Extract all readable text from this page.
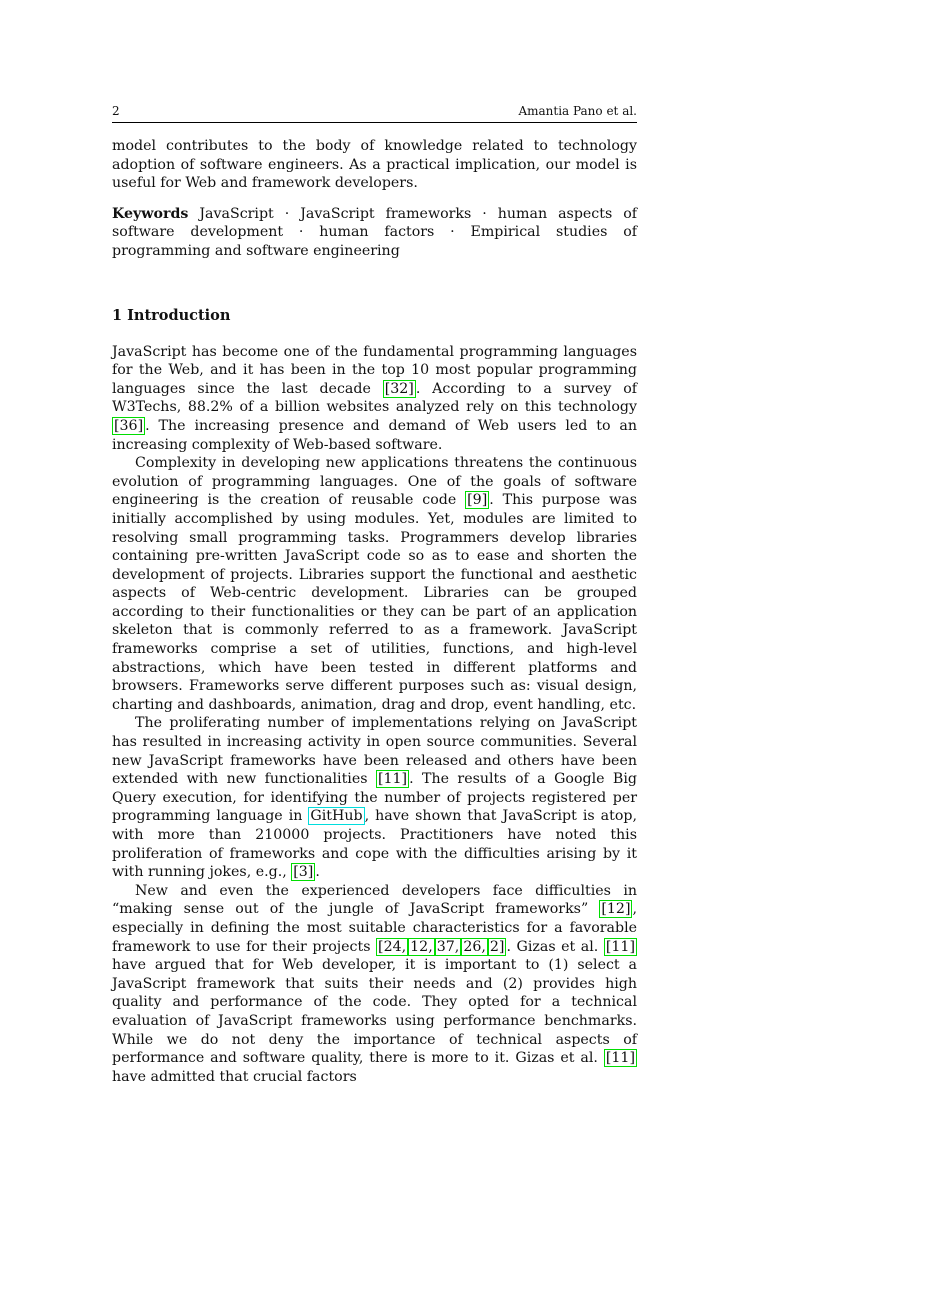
2	Amantia Pano et al.

model contributes to the body of knowledge related to technology adoption of software engineers. As a practical implication, our model is useful for Web and framework developers.

Keywords JavaScript · JavaScript frameworks · human aspects of software development · human factors · Empirical studies of programming and software engineering

1 Introduction

JavaScript has become one of the fundamental programming languages for the Web, and it has been in the top 10 most popular programming languages since the last decade [32] . According to a survey of W3Techs, 88.2% of a billion websites analyzed rely on this technology [36] . The increasing presence and demand of Web users led to an increasing complexity of Web-based software.

Complexity in developing new applications threatens the continuous evolution of programming languages. One of the goals of software engineering is the creation of reusable code [9] . This purpose was initially accomplished by using modules. Yet, modules are limited to resolving small programming tasks. Programmers develop libraries containing pre-written JavaScript code so as to ease and shorten the development of projects. Libraries support the functional and aesthetic aspects of Web-centric development. Libraries can be grouped according to their functionalities or they can be part of an application skeleton that is commonly referred to as a framework. JavaScript frameworks comprise a set of utilities, functions, and high-level abstractions, which have been tested in different platforms and browsers. Frameworks serve different purposes such as: visual design, charting and dashboards, animation, drag and drop, event handling, etc.

The proliferating number of implementations relying on JavaScript has resulted in increasing activity in open source communities. Several new JavaScript frameworks have been released and others have been extended with new functionalities [11] . The results of a Google Big Query execution, for identifying the number of projects registered per programming language in GitHub , have shown that JavaScript is atop, with more than 210000 projects. Practitioners have noted this proliferation of frameworks and cope with the difficulties arising by it with running jokes, e.g., [3] .

New and even the experienced developers face difficulties in “making sense out of the jungle of JavaScript frameworks” [12] , especially in defining the most suitable characteristics for a favorable framework to use for their projects [24, 12, 37, 26, 2] . Gizas et al. [11] have argued that for Web developer, it is important to (1) select a JavaScript framework that suits their needs and (2) provides high quality and performance of the code. They opted for a technical evaluation of JavaScript frameworks using performance benchmarks. While we do not deny the importance of technical aspects of performance and software quality, there is more to it. Gizas et al. [11] have admitted that crucial factors
